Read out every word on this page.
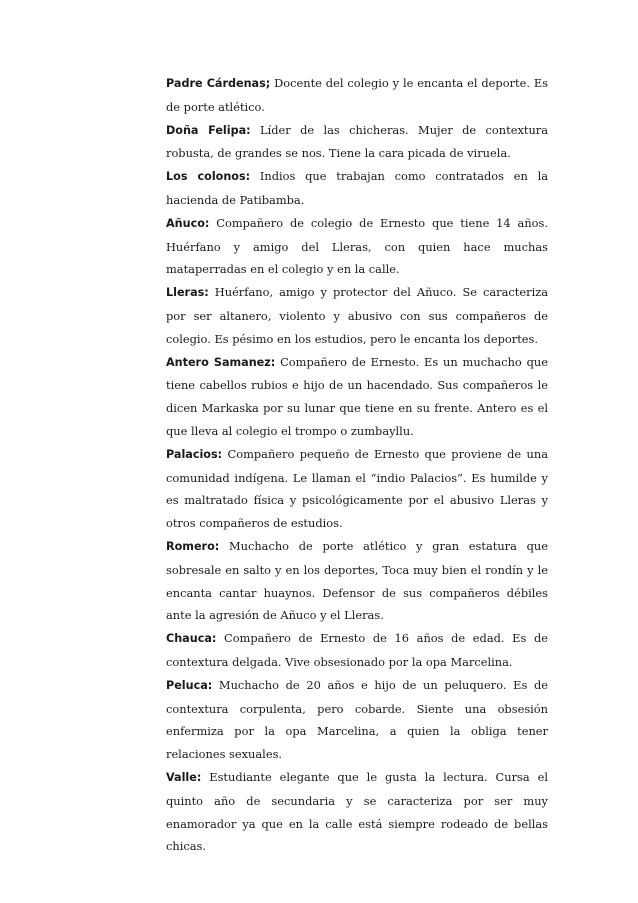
Padre Cárdenas; Docente del colegio y le encanta el deporte. Es de porte atlético.

Doña Felipa: Líder de las chicheras. Mujer de contextura robusta, de grandes se nos. Tiene la cara picada de viruela.

Los colonos: Indios que trabajan como contratados en la hacienda de Patibamba.

Añuco: Compañero de colegio de Ernesto que tiene 14 años. Huérfano y amigo del Lleras, con quien hace muchas mataperradas en el colegio y en la calle.

Lleras: Huérfano, amigo y protector del Añuco. Se caracteriza por ser altanero, violento y abusivo con sus compañeros de colegio. Es pésimo en los estudios, pero le encanta los deportes.

Antero Samanez: Compañero de Ernesto. Es un muchacho que tiene cabellos rubios e hijo de un hacendado. Sus compañeros le dicen Markaska por su lunar que tiene en su frente. Antero es el que lleva al colegio el trompo o zumbayllu.

Palacios: Compañero pequeño de Ernesto que proviene de una comunidad indígena. Le llaman el “indio Palacios”. Es humilde y es maltratado física y psicológicamente por el abusivo Lleras y otros compañeros de estudios.

Romero: Muchacho de porte atlético y gran estatura que sobresale en salto y en los deportes, Toca muy bien el rondín y le encanta cantar huaynos. Defensor de sus compañeros débiles ante la agresión de Añuco y el Lleras.

Chauca: Compañero de Ernesto de 16 años de edad. Es de contextura delgada. Vive obsesionado por la opa Marcelina.

Peluca: Muchacho de 20 años e hijo de un peluquero. Es de contextura corpulenta, pero cobarde. Siente una obsesión enfermiza por la opa Marcelina, a quien la obliga tener relaciones sexuales.

Valle: Estudiante elegante que le gusta la lectura. Cursa el quinto año de secundaria y se caracteriza por ser muy enamorador ya que en la calle está siempre rodeado de bellas chicas.
